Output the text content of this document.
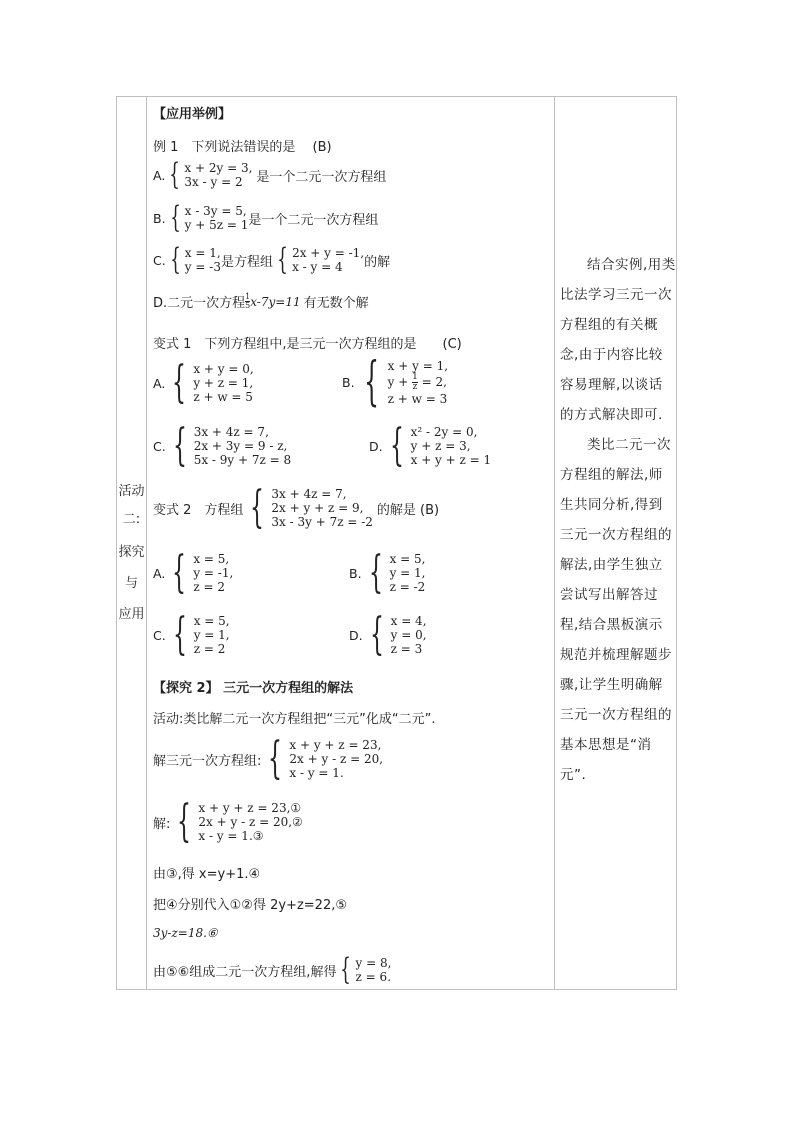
活动
二:
探究
与
应用
【应用举例】
例 1　下列说法错误的是　 (B)
A. { x + 2y = 3,
3x - y = 2	是一个二元一次方程组
B. { x - 3y = 5,
y + 5z = 1 是一个二元一次方程组
C. { x = 1,
y = -3 是方程组 { 2x + y = -1,
x - y = 4	的解
D.二元一次方程 $\frac{1}{5} x-7y=11$ 有无数个解
变式 1　下列方程组中,是三元一次方程组的是　　(C)
A. { x + y = 0,
y + z = 1,
z + w = 5
B. { x + y = 1,
$y + \frac{1}{z} = 2$,
z + w = 3
C. { 3x + 4z = 7,
2x + 3y = 9 - z,
5x - 9y + 7z = 8
D. { x² - 2y = 0,
y + z = 3,
x + y + z = 1
变式 2　方程组 { 3x + 4z = 7,
2x + y + z = 9,
3x - 3y + 7z = -2
的解是 (B)
A. { x = 5,
y = -1,
z = 2
B. { x = 5,
y = 1,
z = -2
C. { x = 5,
y = 1,
z = 2
D. { x = 4,
y = 0,
z = 3
【探究 2】 三元一次方程组的解法
活动:类比解二元一次方程组把“三元”化成“二元”.
解三元一次方程组: { x + y + z = 23,
2x + y - z = 20,
x - y = 1.
解: { x + y + z = 23,①
2x + y - z = 20,②
x - y = 1.③
由③,得 x=y+1.④
把④分别代入①②得 2y+z=22,⑤
3y-z=18.⑥
由⑤⑥组成二元一次方程组,解得 { y = 8,
z = 6.

结合实例,用类比法学习三元一次方程组的有关概念,由于内容比较容易理解,以谈话的方式解决即可.

类比二元一次方程组的解法,师生共同分析,得到三元一次方程组的解法,由学生独立尝试写出解答过程,结合黑板演示规范并梳理解题步骤,让学生明确解三元一次方程组的基本思想是“消元”.
